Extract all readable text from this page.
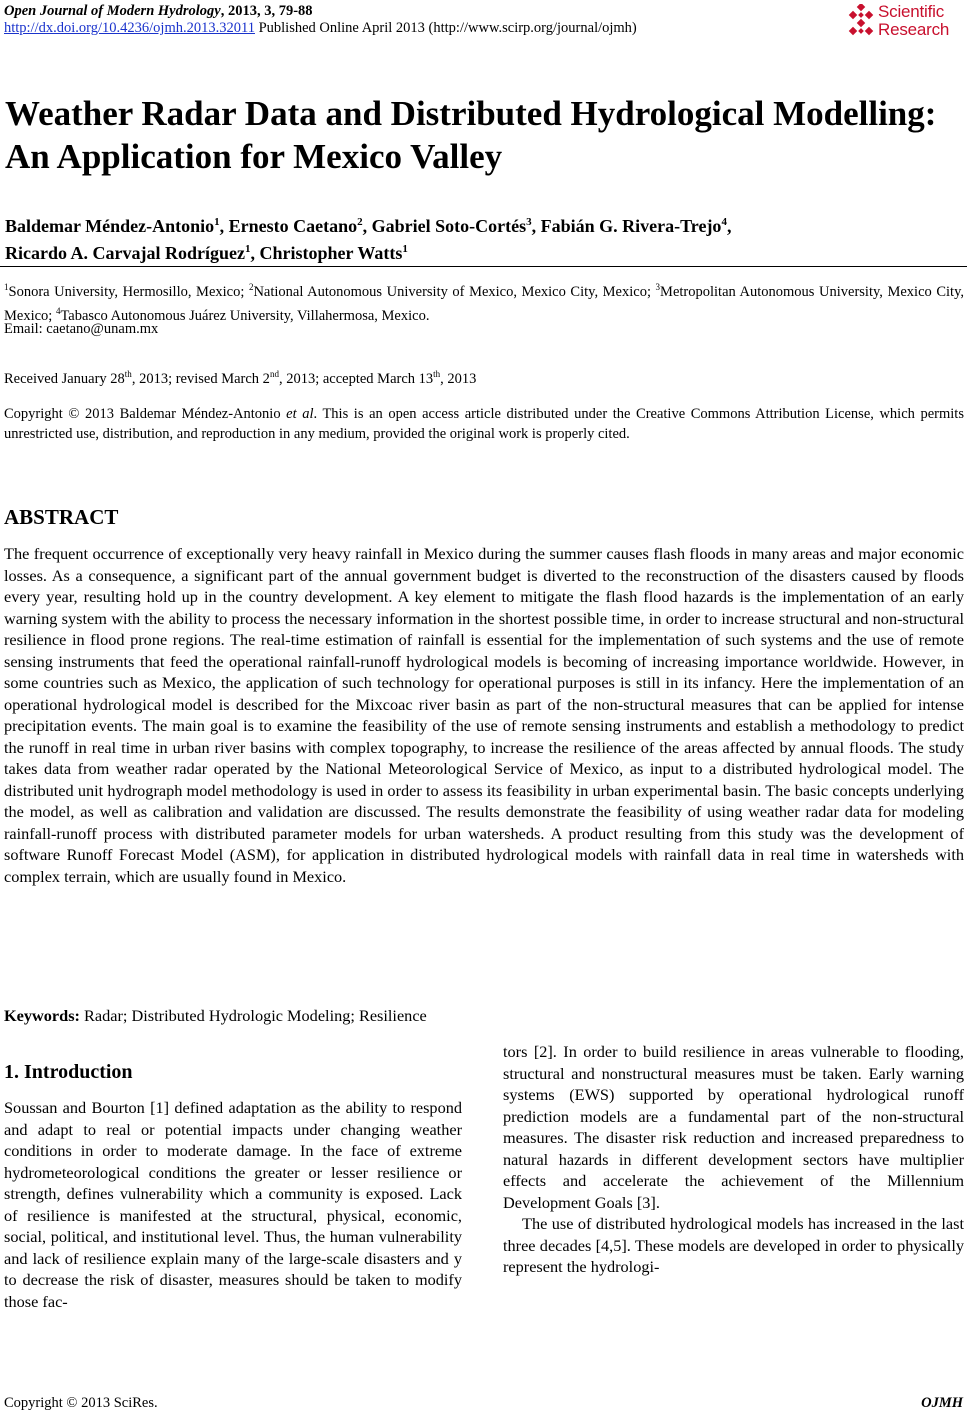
Open Journal of Modern Hydrology, 2013, 3, 79-88
http://dx.doi.org/10.4236/ojmh.2013.32011 Published Online April 2013 (http://www.scirp.org/journal/ojmh)
Scientific
Research
Weather Radar Data and Distributed Hydrological Modelling: An Application for Mexico Valley
Baldemar Méndez-Antonio$^1$, Ernesto Caetano$^2$, Gabriel Soto-Cortés$^3$, Fabián G. Rivera-Trejo$^4$,
Ricardo A. Carvajal Rodríguez$^1$, Christopher Watts$^1$
$^1$Sonora University, Hermosillo, Mexico; $^2$National Autonomous University of Mexico, Mexico City, Mexico; $^3$Metropolitan Autonomous University, Mexico City, Mexico; $^4$Tabasco Autonomous Juárez University, Villahermosa, Mexico.
Email: caetano@unam.mx
Received January 28th, 2013; revised March 2nd, 2013; accepted March 13th, 2013
Copyright © 2013 Baldemar Méndez-Antonio et al. This is an open access article distributed under the Creative Commons Attribution License, which permits unrestricted use, distribution, and reproduction in any medium, provided the original work is properly cited.
ABSTRACT
The frequent occurrence of exceptionally very heavy rainfall in Mexico during the summer causes flash floods in many areas and major economic losses. As a consequence, a significant part of the annual government budget is diverted to the reconstruction of the disasters caused by floods every year, resulting hold up in the country development. A key element to mitigate the flash flood hazards is the implementation of an early warning system with the ability to process the necessary information in the shortest possible time, in order to increase structural and non-structural resilience in flood prone regions. The real-time estimation of rainfall is essential for the implementation of such systems and the use of remote sensing instruments that feed the operational rainfall-runoff hydrological models is becoming of increasing importance worldwide. However, in some countries such as Mexico, the application of such technology for operational purposes is still in its infancy. Here the implementation of an operational hydrological model is described for the Mixcoac river basin as part of the non-structural measures that can be applied for intense precipitation events. The main goal is to examine the feasibility of the use of remote sensing instruments and establish a methodology to predict the runoff in real time in urban river basins with complex topography, to increase the resilience of the areas affected by annual floods. The study takes data from weather radar operated by the National Meteorological Service of Mexico, as input to a distributed hydrological model. The distributed unit hydrograph model methodology is used in order to assess its feasibility in urban experimental basin. The basic concepts underlying the model, as well as calibration and validation are discussed. The results demonstrate the feasibility of using weather radar data for modeling rainfall-runoff process with distributed parameter models for urban watersheds. A product resulting from this study was the development of software Runoff Forecast Model (ASM), for application in distributed hydrological models with rainfall data in real time in watersheds with complex terrain, which are usually found in Mexico.
Keywords: Radar; Distributed Hydrologic Modeling; Resilience
1. Introduction
Soussan and Bourton [1] defined adaptation as the ability to respond and adapt to real or potential impacts under changing weather conditions in order to moderate damage. In the face of extreme hydrometeorological conditions the greater or lesser resilience or strength, defines vulnerability which a community is exposed. Lack of resilience is manifested at the structural, physical, economic, social, political, and institutional level. Thus, the human vulnerability and lack of resilience explain many of the large-scale disasters and y to decrease the risk of disaster, measures should be taken to modify those fac-

tors [2]. In order to build resilience in areas vulnerable to flooding, structural and nonstructural measures must be taken. Early warning systems (EWS) supported by operational hydrological runoff prediction models are a fundamental part of the non-structural measures. The disaster risk reduction and increased preparedness to natural hazards in different development sectors have multiplier effects and accelerate the achievement of the Millennium Development Goals [3].

The use of distributed hydrological models has increased in the last three decades [4,5]. These models are developed in order to physically represent the hydrologi-

Copyright © 2013 SciRes.	OJMH
